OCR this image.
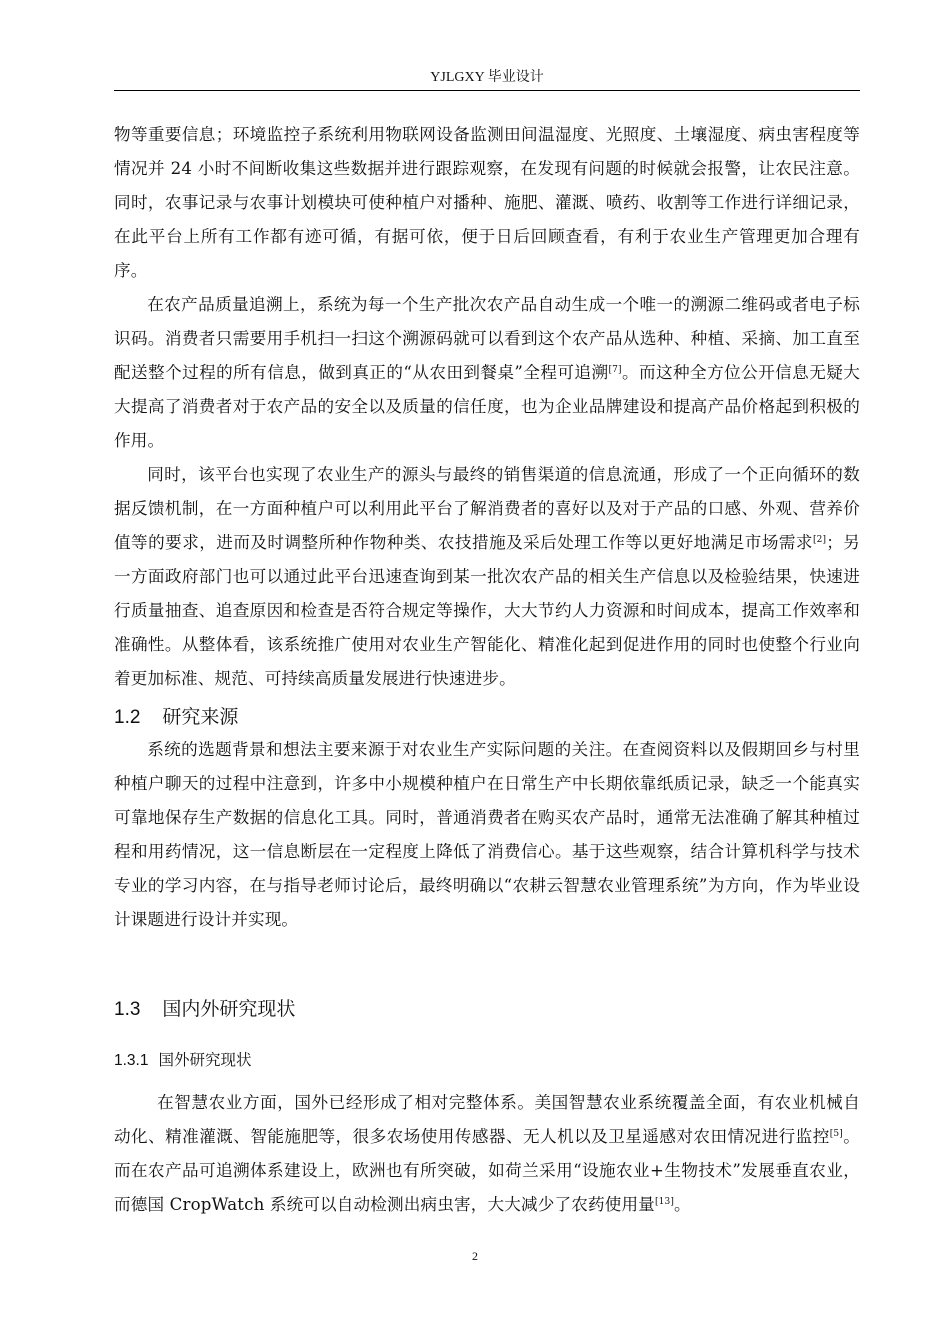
YJLGXY 毕业设计

物等重要信息；环境监控子系统利用物联网设备监测田间温湿度、光照度、土壤湿度、病虫害程度等情况并 24 小时不间断收集这些数据并进行跟踪观察，在发现有问题的时候就会报警，让农民注意。同时，农事记录与农事计划模块可使种植户对播种、施肥、灌溉、喷药、收割等工作进行详细记录，在此平台上所有工作都有迹可循，有据可依，便于日后回顾查看，有利于农业生产管理更加合理有序。

在农产品质量追溯上，系统为每一个生产批次农产品自动生成一个唯一的溯源二维码或者电子标识码。消费者只需要用手机扫一扫这个溯源码就可以看到这个农产品从选种、种植、采摘、加工直至配送整个过程的所有信息，做到真正的“从农田到餐桌”全程可追溯[7]。而这种全方位公开信息无疑大大提高了消费者对于农产品的安全以及质量的信任度，也为企业品牌建设和提高产品价格起到积极的作用。

同时，该平台也实现了农业生产的源头与最终的销售渠道的信息流通，形成了一个正向循环的数据反馈机制，在一方面种植户可以利用此平台了解消费者的喜好以及对于产品的口感、外观、营养价值等的要求，进而及时调整所种作物种类、农技措施及采后处理工作等以更好地满足市场需求[2]；另一方面政府部门也可以通过此平台迅速查询到某一批次农产品的相关生产信息以及检验结果，快速进行质量抽查、追查原因和检查是否符合规定等操作，大大节约人力资源和时间成本，提高工作效率和准确性。从整体看，该系统推广使用对农业生产智能化、精准化起到促进作用的同时也使整个行业向着更加标准、规范、可持续高质量发展进行快速进步。

1.2 研究来源

系统的选题背景和想法主要来源于对农业生产实际问题的关注。在查阅资料以及假期回乡与村里种植户聊天的过程中注意到，许多中小规模种植户在日常生产中长期依靠纸质记录，缺乏一个能真实可靠地保存生产数据的信息化工具。同时，普通消费者在购买农产品时，通常无法准确了解其种植过程和用药情况，这一信息断层在一定程度上降低了消费信心。基于这些观察，结合计算机科学与技术专业的学习内容，在与指导老师讨论后，最终明确以“农耕云智慧农业管理系统”为方向，作为毕业设计课题进行设计并实现。

1.3 国内外研究现状
1.3.1 国外研究现状

在智慧农业方面，国外已经形成了相对完整体系。美国智慧农业系统覆盖全面，有农业机械自动化、精准灌溉、智能施肥等，很多农场使用传感器、无人机以及卫星遥感对农田情况进行监控[5]。而在农产品可追溯体系建设上，欧洲也有所突破，如荷兰采用“设施农业+生物技术”发展垂直农业，而德国 CropWatch 系统可以自动检测出病虫害，大大减少了农药使用量[13]。

2
